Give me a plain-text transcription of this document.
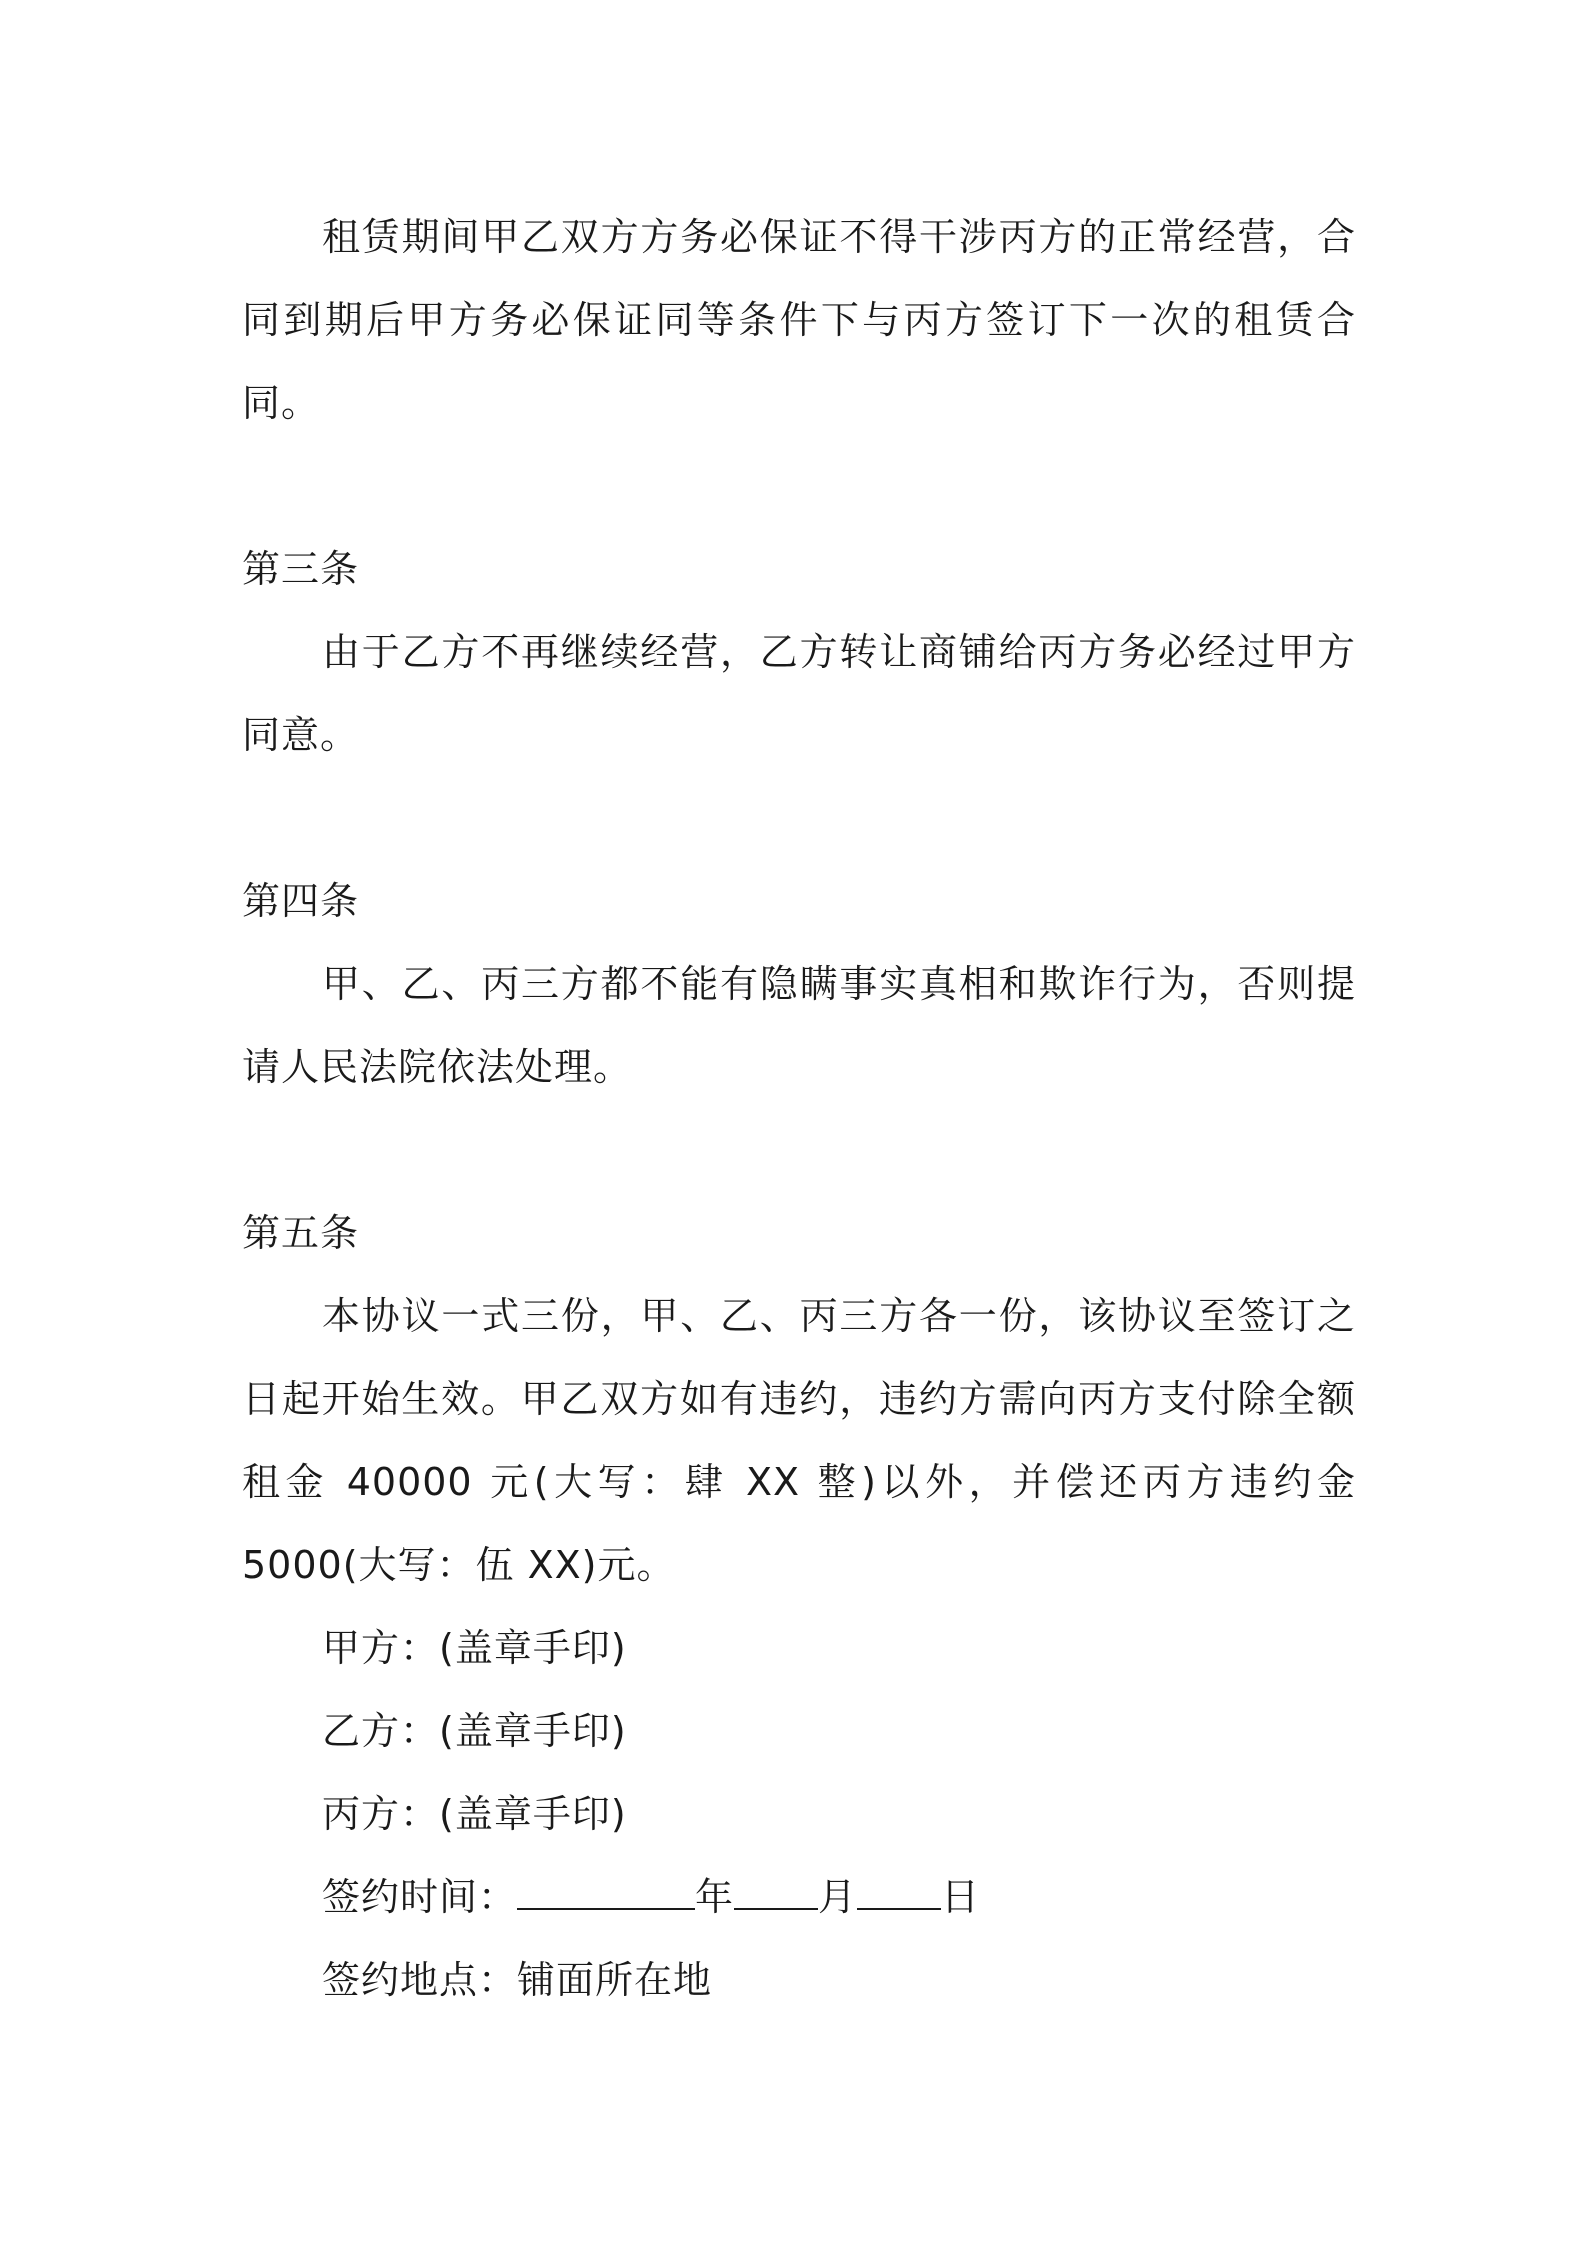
租赁期间甲乙双方方务必保证不得干涉丙方的正常经营，合同到期后甲方务必保证同等条件下与丙方签订下一次的租赁合同。

第三条

由于乙方不再继续经营，乙方转让商铺给丙方务必经过甲方同意。

第四条

甲、乙、丙三方都不能有隐瞒事实真相和欺诈行为，否则提请人民法院依法处理。

第五条

本协议一式三份，甲、乙、丙三方各一份，该协议至签订之日起开始生效。甲乙双方如有违约，违约方需向丙方支付除全额租金 40000 元(大写：肆 XX 整)以外，并偿还丙方违约金 5000(大写：伍 XX)元。

甲方：(盖章手印)

乙方：(盖章手印)

丙方：(盖章手印)

签约时间：	年 月 日

签约地点：铺面所在地
